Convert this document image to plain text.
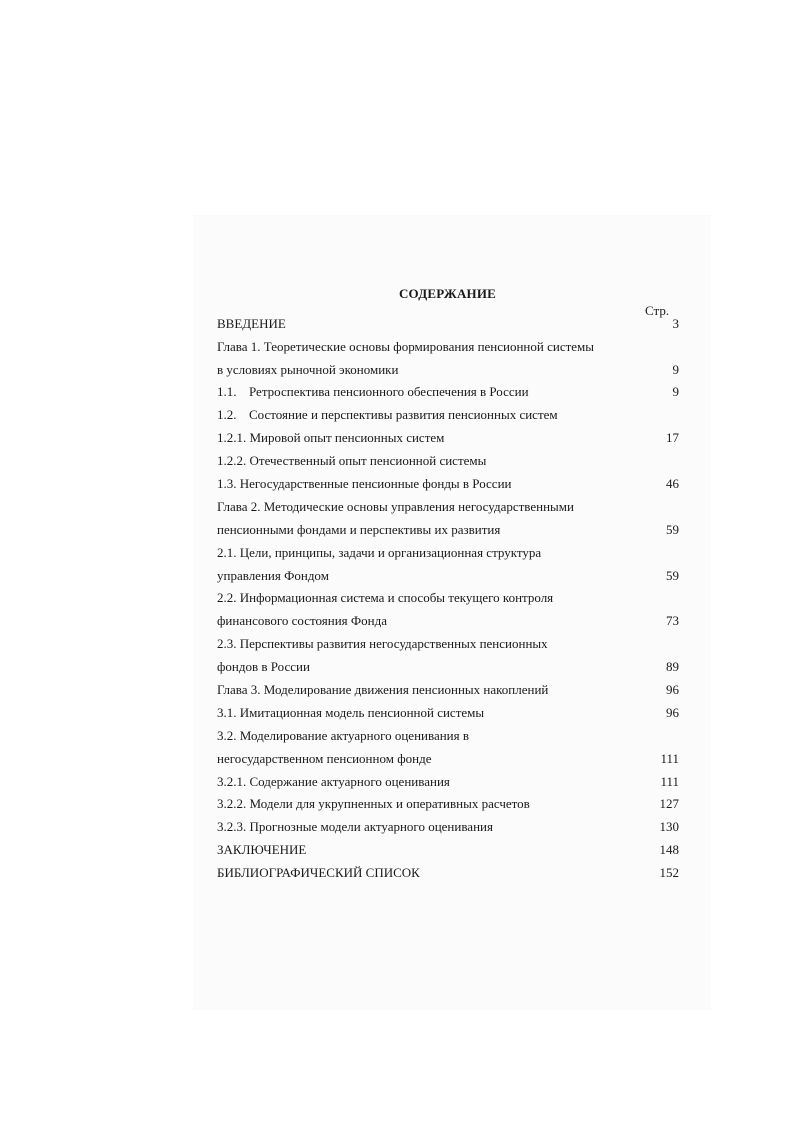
СОДЕРЖАНИЕ
Стр.
ВВЕДЕНИЕ	3
Глава 1. Теоретические основы формирования пенсионной системы
в условиях рыночной экономики	9
1.1. Ретроспектива пенсионного обеспечения в России	9
1.2. Состояние и перспективы развития пенсионных систем
1.2.1. Мировой опыт пенсионных систем	17
1.2.2. Отечественный опыт пенсионной системы
1.3. Негосударственные пенсионные фонды в России	46
Глава 2. Методические основы управления негосударственными
пенсионными фондами и перспективы их развития	59
2.1. Цели, принципы, задачи и организационная структура
управления Фондом	59
2.2. Информационная система и способы текущего контроля
финансового состояния Фонда	73
2.3. Перспективы развития негосударственных пенсионных
фондов в России	89
Глава 3. Моделирование движения пенсионных накоплений	96
3.1. Имитационная модель пенсионной системы	96
3.2. Моделирование актуарного оценивания в
негосударственном пенсионном фонде	111
3.2.1. Содержание актуарного оценивания	111
3.2.2. Модели для укрупненных и оперативных расчетов	127
3.2.3. Прогнозные модели актуарного оценивания	130
ЗАКЛЮЧЕНИЕ	148
БИБЛИОГРАФИЧЕСКИЙ СПИСОК	152
